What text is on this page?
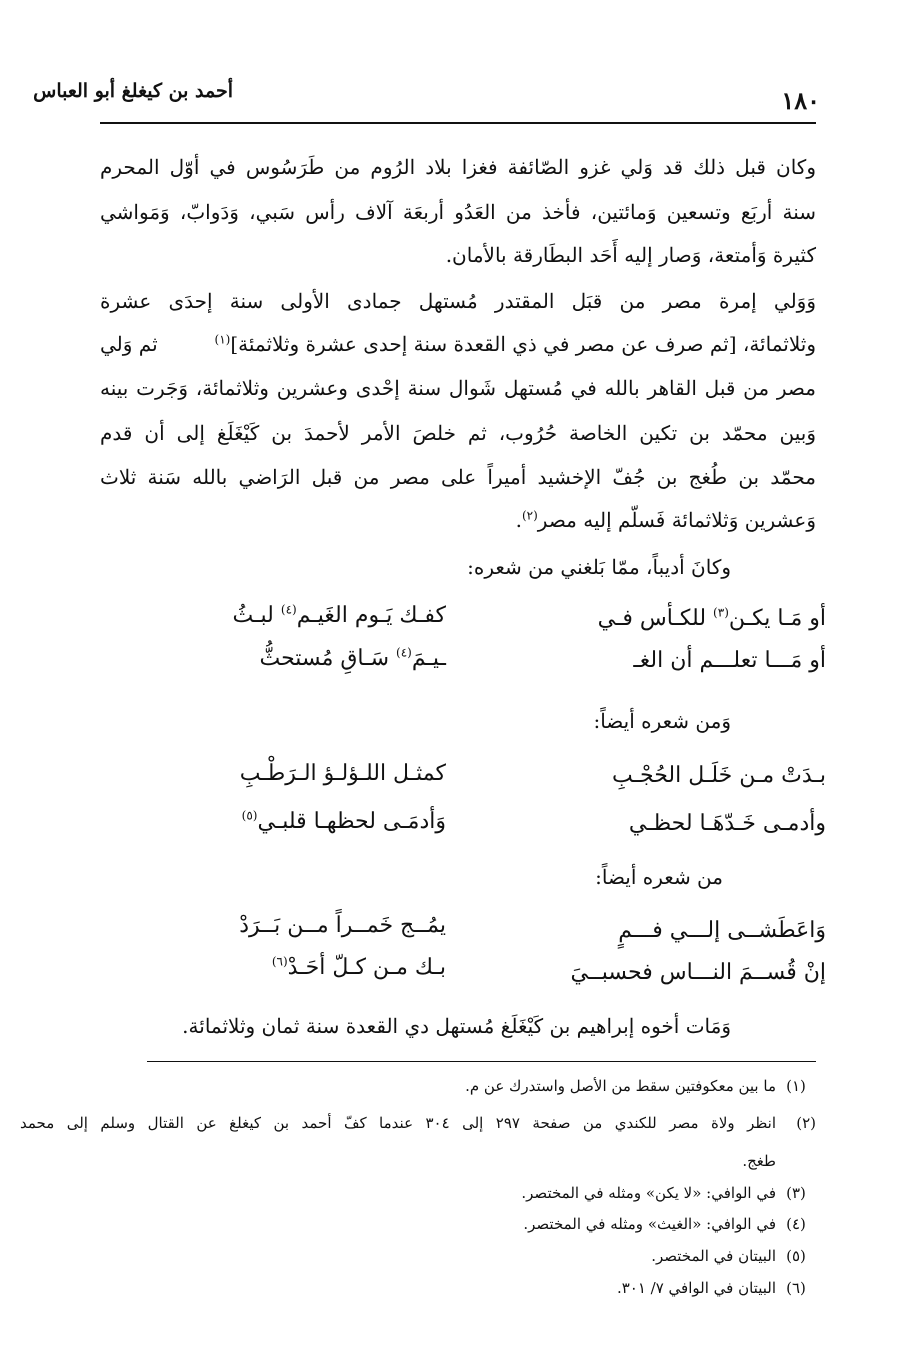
أحمد بن كيغلغ أبو العباس	١٨٠
وكان قبل ذلك قد وَلي غزو الصّائفة فغزا بلاد الرُوم من طَرَسُوس في أوّل المحرم
سنة أربَع وتسعين وَمائتين، فأخذ من العَدُو أربعَة آلاف رأس سَبي، وَدَوابّ، وَمَواشي
كثيرة وَأمتعة، وَصار إليه أَحَد البطَارقة بالأمان.
وَوَلي إمرة مصر من قبَل المقتدر مُستهل جمادى الأولى سنة إحدَى عشرة
وثلاثمائة، [ثم صرف عن مصر في ذي القعدة سنة إحدى عشرة وثلاثمئة]$^{(١)}$
ثم وَلي
مصر من قبل القاهر بالله في مُستهل شَوال سنة إحْدى وعشرين وثلاثمائة، وَجَرت بينه
وَبين محمّد بن تكين الخاصة حُرُوب، ثم خلصَ الأمر لأحمدَ بن كَيْغَلَغ إلى أن قدم
محمّد بن طُغج بن جُفّ الإخشيد أميراً على مصر من قبل الرَاضي بالله سَنة ثلاث
وَعشرين وَثلاثمائة فَسلّم إليه مصر$^{(٢)}$.
وكانَ أديباً، ممّا بَلغني من شعره:
أو مَـا يكـن$^{(٣)}$ للكـأس فـي
كفـك يَـوم الغَيـم$^{(٤)}$ لبـثُ
أو مَـــا تعلـــم أن الغـ
ـيـمَ$^{(٤)}$ سَـاقِ مُستحثُّ
وَمن شعره أيضاً:
بـدَتْ مـن خَلَـل الحُجْـبِ
كمثـل اللـؤلـؤ الـرَطْـبِ
وأدمـى خَـدّهَـا لحظـي
وَأدمَـى لحظهـا قلبـي$^{(٥)}$
من شعره أيضاً:
وَاعَطَشــى إلـــي فـــمٍ
يمُــج خَمــراً مــن بَــرَدْ
إنْ قُســمَ النـــاس فحسبــيَ
بـك مـن كـلّ أحَـدْ$^{(٦)}$
وَمَات أخوه إبراهيم بن كَيْغَلَغ مُستهل دي القعدة سنة ثمان وثلاثمائة.
(١)ما بين معكوفتين سقط من الأصل واستدرك عن م.
(٢)انظر ولاة مصر للكندي من صفحة ٢٩٧ إلى ٣٠٤ عندما كفّ أحمد بن كيغلغ عن القتال وسلم إلى محمد
طغج.
(٣)في الوافي: «لا يكن» ومثله في المختصر.
(٤)في الوافي: «الغيث» ومثله في المختصر.
(٥)البيتان في المختصر.
(٦)البيتان في الوافي ٧/ ٣٠١.
